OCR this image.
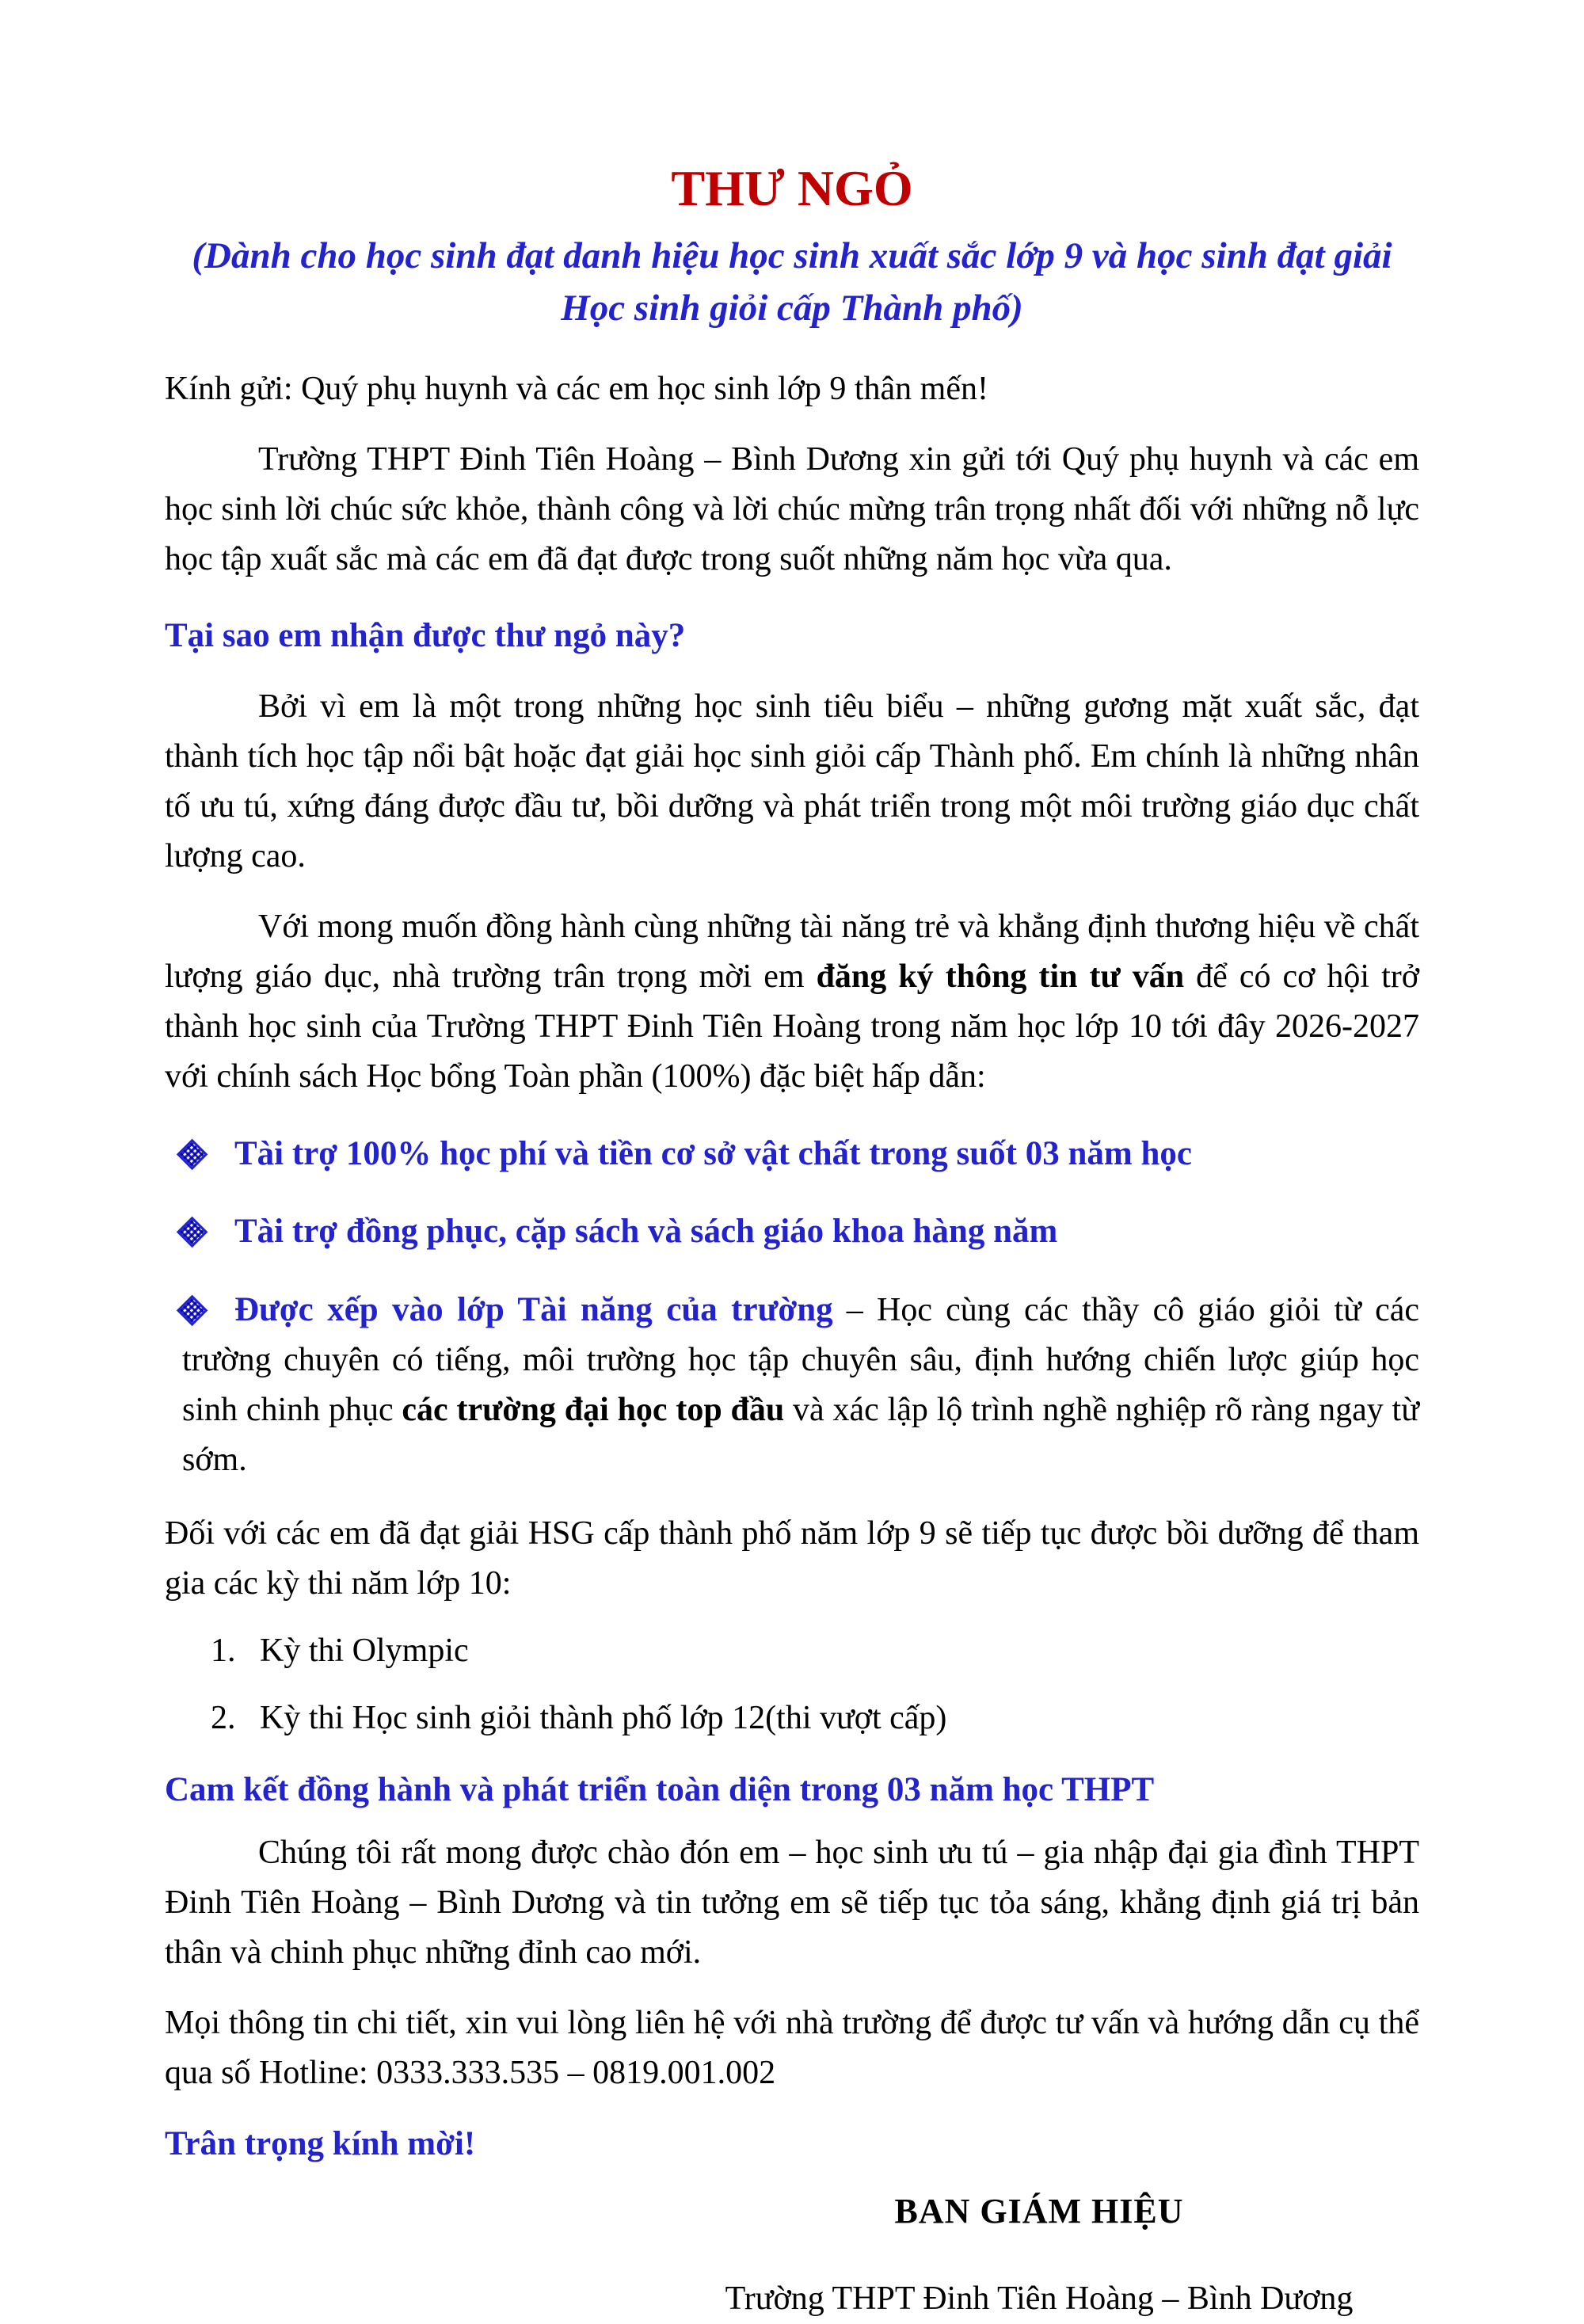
THƯ NGỎ
(Dành cho học sinh đạt danh hiệu học sinh xuất sắc lớp 9 và học sinh đạt giải Học sinh giỏi cấp Thành phố)

Kính gửi: Quý phụ huynh và các em học sinh lớp 9 thân mến!

Trường THPT Đinh Tiên Hoàng – Bình Dương xin gửi tới Quý phụ huynh và các em học sinh lời chúc sức khỏe, thành công và lời chúc mừng trân trọng nhất đối với những nỗ lực học tập xuất sắc mà các em đã đạt được trong suốt những năm học vừa qua.

Tại sao em nhận được thư ngỏ này?

Bởi vì em là một trong những học sinh tiêu biểu – những gương mặt xuất sắc, đạt thành tích học tập nổi bật hoặc đạt giải học sinh giỏi cấp Thành phố. Em chính là những nhân tố ưu tú, xứng đáng được đầu tư, bồi dưỡng và phát triển trong một môi trường giáo dục chất lượng cao.

Với mong muốn đồng hành cùng những tài năng trẻ và khẳng định thương hiệu về chất lượng giáo dục, nhà trường trân trọng mời em đăng ký thông tin tư vấn để có cơ hội trở thành học sinh của Trường THPT Đinh Tiên Hoàng trong năm học lớp 10 tới đây 2026-2027 với chính sách Học bổng Toàn phần (100%) đặc biệt hấp dẫn:

Tài trợ 100% học phí và tiền cơ sở vật chất trong suốt 03 năm học
Tài trợ đồng phục, cặp sách và sách giáo khoa hàng năm
Được xếp vào lớp Tài năng của trường – Học cùng các thầy cô giáo giỏi từ các trường chuyên có tiếng, môi trường học tập chuyên sâu, định hướng chiến lược giúp học sinh chinh phục các trường đại học top đầu và xác lập lộ trình nghề nghiệp rõ ràng ngay từ sớm.

Đối với các em đã đạt giải HSG cấp thành phố năm lớp 9 sẽ tiếp tục được bồi dưỡng để tham gia các kỳ thi năm lớp 10:

1. Kỳ thi Olympic
2. Kỳ thi Học sinh giỏi thành phố lớp 12(thi vượt cấp)
Cam kết đồng hành và phát triển toàn diện trong 03 năm học THPT

Chúng tôi rất mong được chào đón em – học sinh ưu tú – gia nhập đại gia đình THPT Đinh Tiên Hoàng – Bình Dương và tin tưởng em sẽ tiếp tục tỏa sáng, khẳng định giá trị bản thân và chinh phục những đỉnh cao mới.

Mọi thông tin chi tiết, xin vui lòng liên hệ với nhà trường để được tư vấn và hướng dẫn cụ thể qua số Hotline: 0333.333.535 – 0819.001.002

Trân trọng kính mời!

BAN GIÁM HIỆU
Trường THPT Đinh Tiên Hoàng – Bình Dương
